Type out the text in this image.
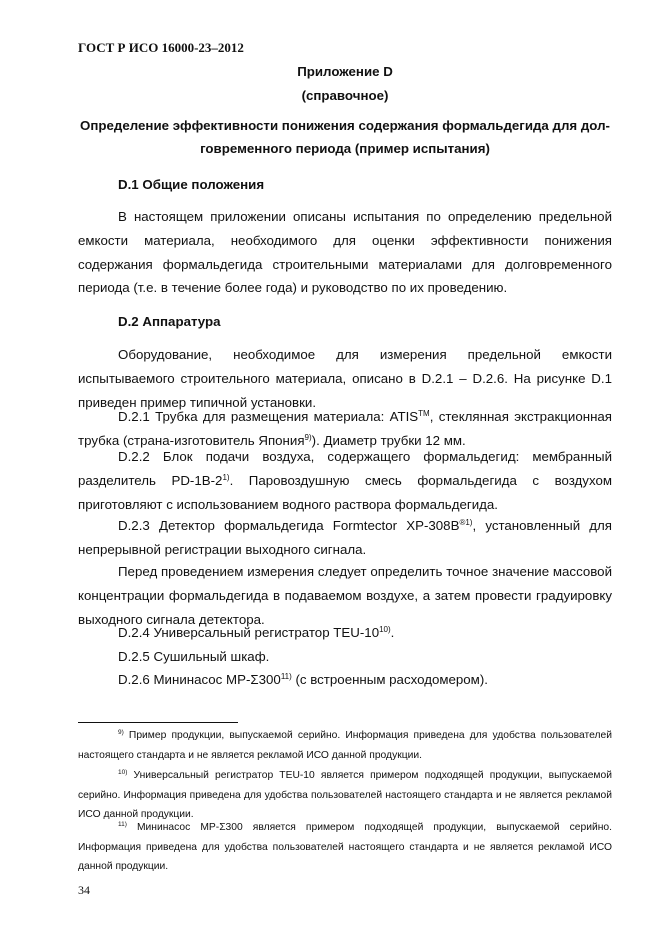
ГОСТ Р ИСО 16000-23–2012
Приложение D
(справочное)
Определение эффективности понижения содержания формальдегида для дол-
говременного периода (пример испытания)
D.1 Общие положения

В настоящем приложении описаны испытания по определению предельной емкости материала, необходимого для оценки эффективности понижения содержания формальдегида строительными материалами для долговременного периода (т.е. в течение более года) и руководство по их проведению.

D.2 Аппаратура

Оборудование, необходимое для измерения предельной емкости испытываемого строительного материала, описано в D.2.1 – D.2.6. На рисунке D.1 приведен пример типичной установки.

D.2.1 Трубка для размещения материала: ATIS™, стеклянная экстракционная трубка (страна-изготовитель Япония$^{9)}$). Диаметр трубки 12 мм.

D.2.2 Блок подачи воздуха, содержащего формальдегид: мембранный разделитель PD-1B-2$^{1)}$. Паровоздушную смесь формальдегида с воздухом приготовляют с использованием водного раствора формальдегида.

D.2.3 Детектор формальдегида Formtector $XP-308B^{®1)}$, установленный для непрерывной регистрации выходного сигнала.

Перед проведением измерения следует определить точное значение массовой концентрации формальдегида в подаваемом воздухе, а затем провести градуировку выходного сигнала детектора.

D.2.4 Универсальный регистратор TEU-10$^{10)}$.

D.2.5 Сушильный шкаф.

D.2.6 Мининасос MP-Σ300$^{11)}$ (с встроенным расходомером).

$^{9)}$ Пример продукции, выпускаемой серийно. Информация приведена для удобства пользователей настоящего стандарта и не является рекламой ИСО данной продукции.

$^{10)}$ Универсальный регистратор TEU-10 является примером подходящей продукции, выпускаемой серийно. Информация приведена для удобства пользователей настоящего стандарта и не является рекламой ИСО данной продукции.

$^{11)}$ Мининасос MP-Σ300 является примером подходящей продукции, выпускаемой серийно. Информация приведена для удобства пользователей настоящего стандарта и не является рекламой ИСО данной продукции.

34
